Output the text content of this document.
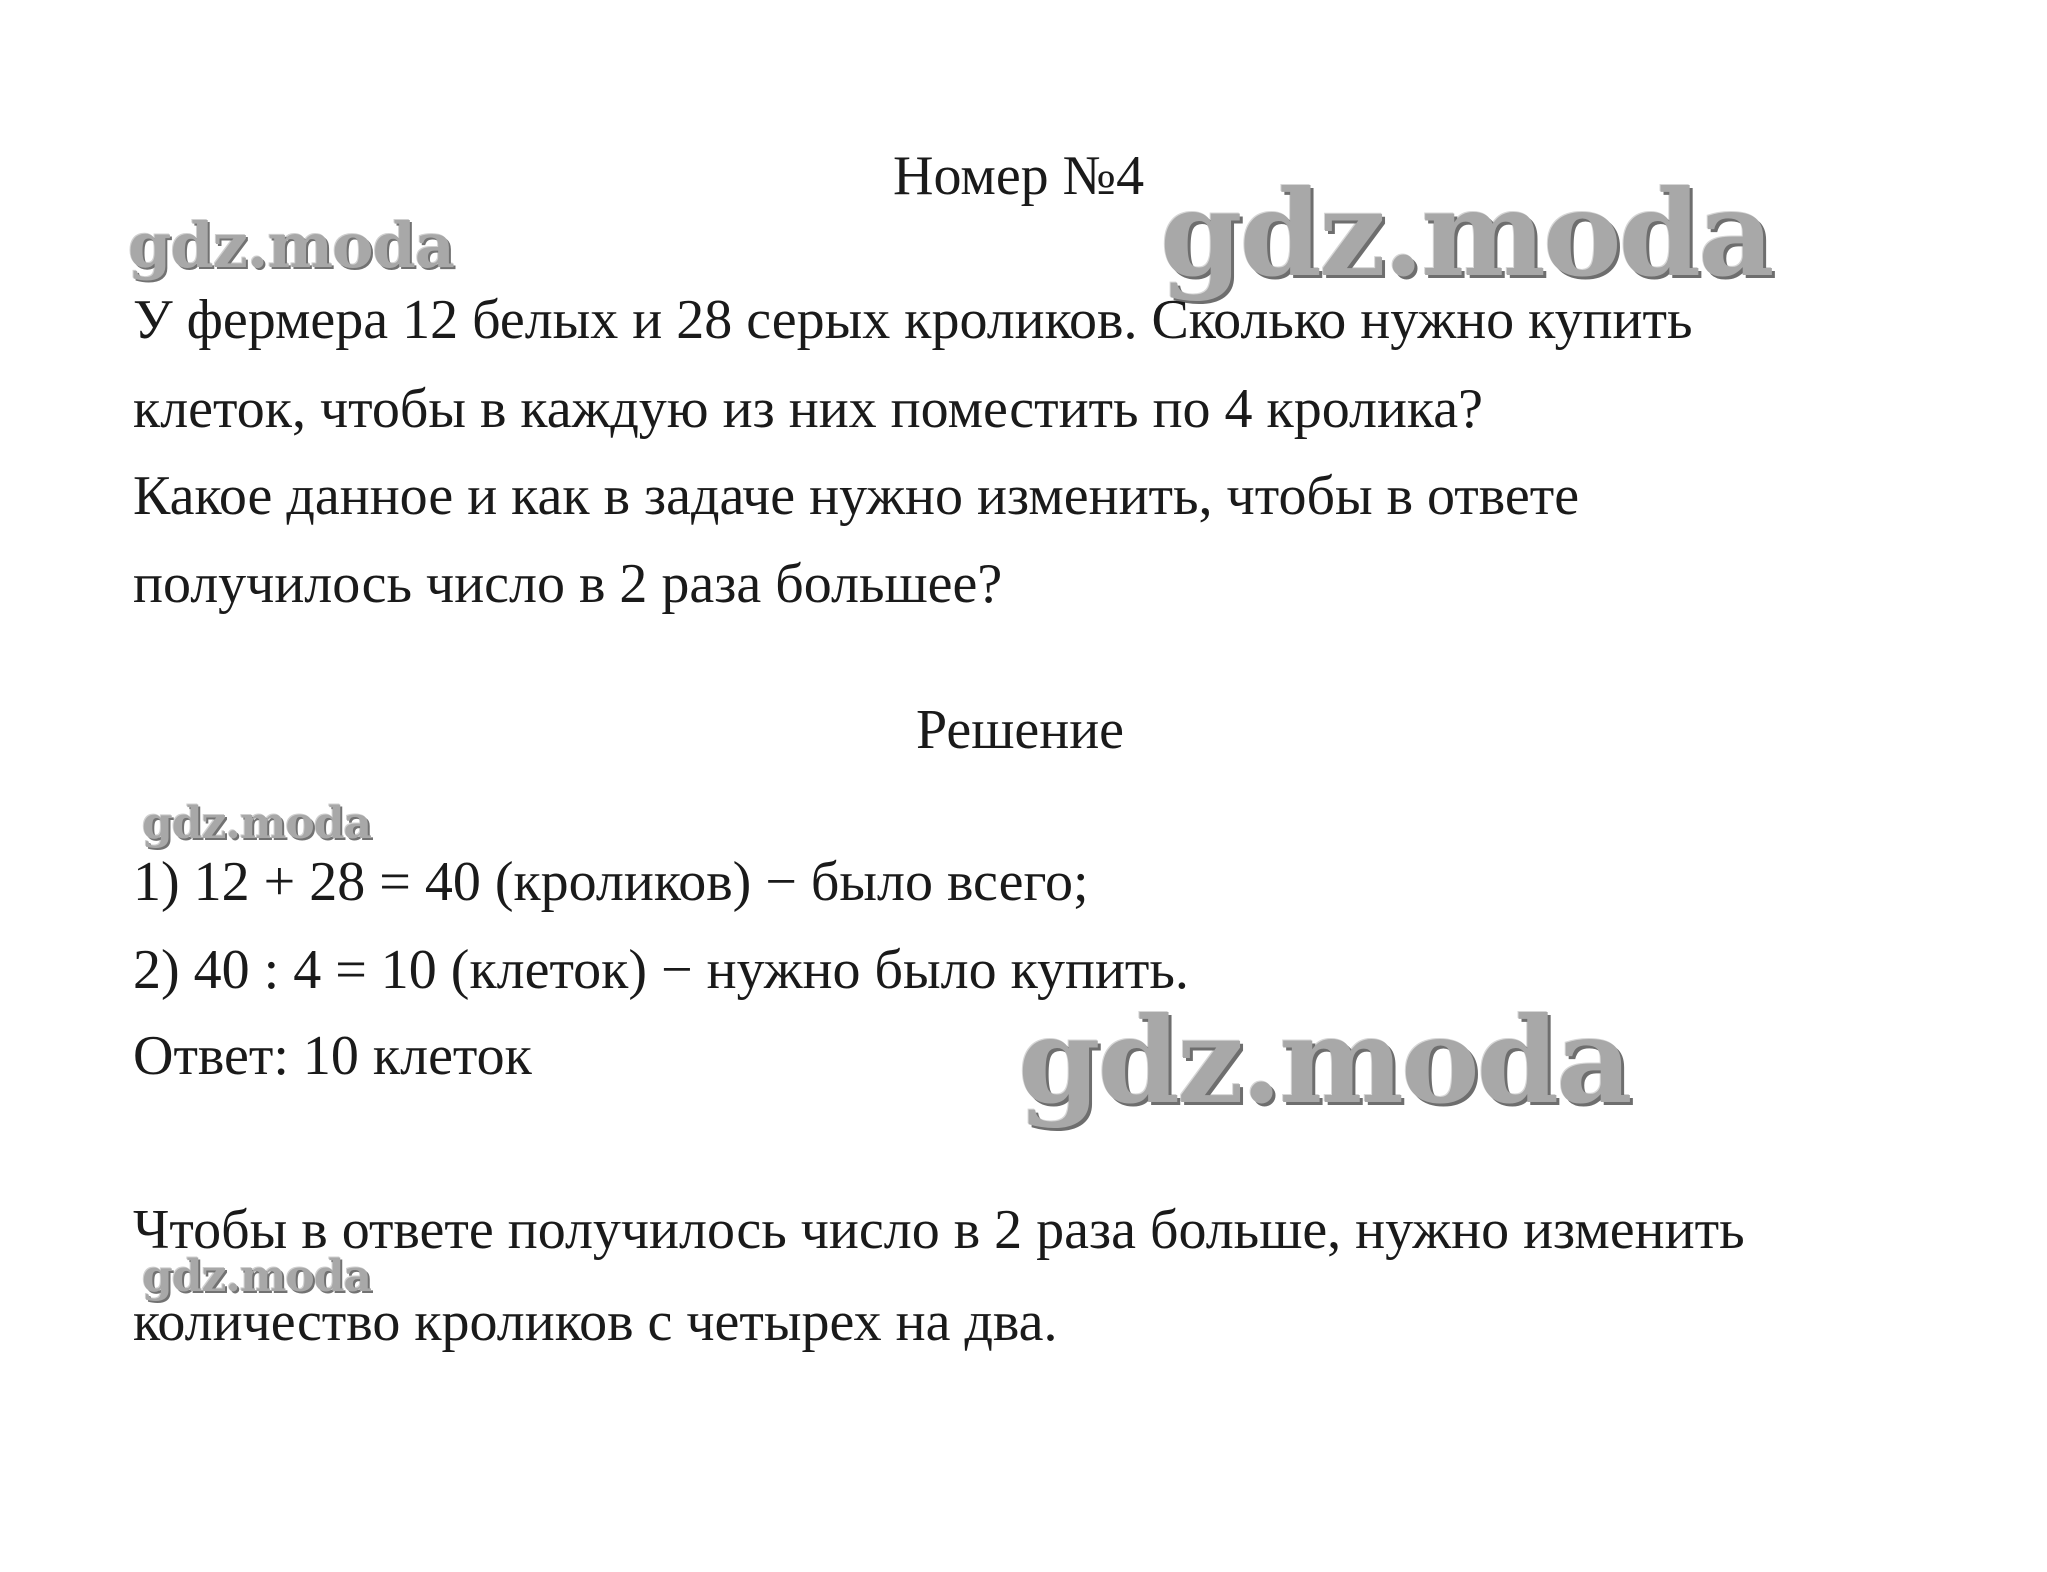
gdz.moda	gdz.moda
gdz.moda
gdz.moda
gdz.moda
Номер №4
У фермера 12 белых и 28 серых кроликов. Сколько нужно купить
клеток, чтобы в каждую из них поместить по 4 кролика?
Какое данное и как в задаче нужно изменить, чтобы в ответе
получилось число в 2 раза большее?
Решение
1) 12 + 28 = 40 (кроликов) − было всего;
2) 40 : 4 = 10 (клеток) − нужно было купить.
Ответ: 10 клеток
Чтобы в ответе получилось число в 2 раза больше, нужно изменить
количество кроликов с четырех на два.
